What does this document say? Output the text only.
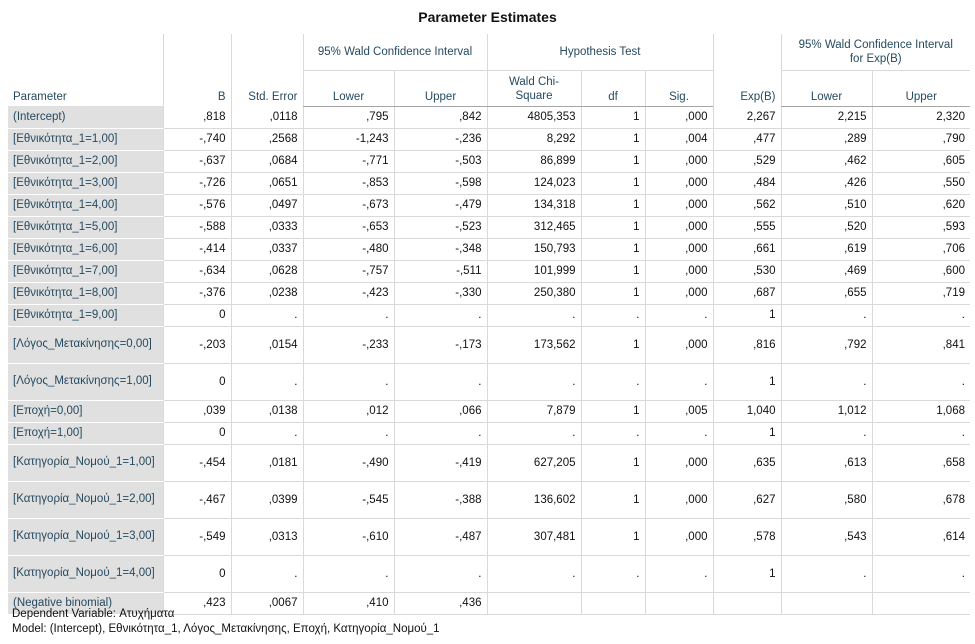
Parameter Estimates
Parameter	B	Std. Error	95% Wald Confidence Interval		Hypothesis Test			Exp(B)	95% Wald Confidence Interval
for Exp(B)	

			Lower	Upper	Wald Chi-
Square	df	Sig.		Lower	Upper
(Intercept)	,818	,0118	,795	,842	4805,353	1	,000	2,267	2,215	2,320
[Εθνικότητα_1=1,00]	-,740	,2568	-1,243	-,236	8,292	1	,004	,477	,289	,790
[Εθνικότητα_1=2,00]	-,637	,0684	-,771	-,503	86,899	1	,000	,529	,462	,605
[Εθνικότητα_1=3,00]	-,726	,0651	-,853	-,598	124,023	1	,000	,484	,426	,550
[Εθνικότητα_1=4,00]	-,576	,0497	-,673	-,479	134,318	1	,000	,562	,510	,620
[Εθνικότητα_1=5,00]	-,588	,0333	-,653	-,523	312,465	1	,000	,555	,520	,593
[Εθνικότητα_1=6,00]	-,414	,0337	-,480	-,348	150,793	1	,000	,661	,619	,706
[Εθνικότητα_1=7,00]	-,634	,0628	-,757	-,511	101,999	1	,000	,530	,469	,600
[Εθνικότητα_1=8,00]	-,376	,0238	-,423	-,330	250,380	1	,000	,687	,655	,719
[Εθνικότητα_1=9,00]	0	.	.	.	.	.	.	1	.	.
[Λόγος_Μετακίνησης=0,00]	-,203	,0154	-,233	-,173	173,562	1	,000	,816	,792	,841
[Λόγος_Μετακίνησης=1,00]	0	.	.	.	.	.	.	1	.	.
[Εποχή=0,00]	,039	,0138	,012	,066	7,879	1	,005	1,040	1,012	1,068
[Εποχή=1,00]	0	.	.	.	.	.	.	1	.	.
[Κατηγορία_Νομού_1=1,00]	-,454	,0181	-,490	-,419	627,205	1	,000	,635	,613	,658
[Κατηγορία_Νομού_1=2,00]	-,467	,0399	-,545	-,388	136,602	1	,000	,627	,580	,678
[Κατηγορία_Νομού_1=3,00]	-,549	,0313	-,610	-,487	307,481	1	,000	,578	,543	,614
[Κατηγορία_Νομού_1=4,00]	0	.	.	.	.	.	.	1	.	.
(Negative binomial)	,423	,0067	,410	,436						
Dependent Variable: Ατυχήματα
Model: (Intercept), Εθνικότητα_1, Λόγος_Μετακίνησης, Εποχή, Κατηγορία_Νομού_1
